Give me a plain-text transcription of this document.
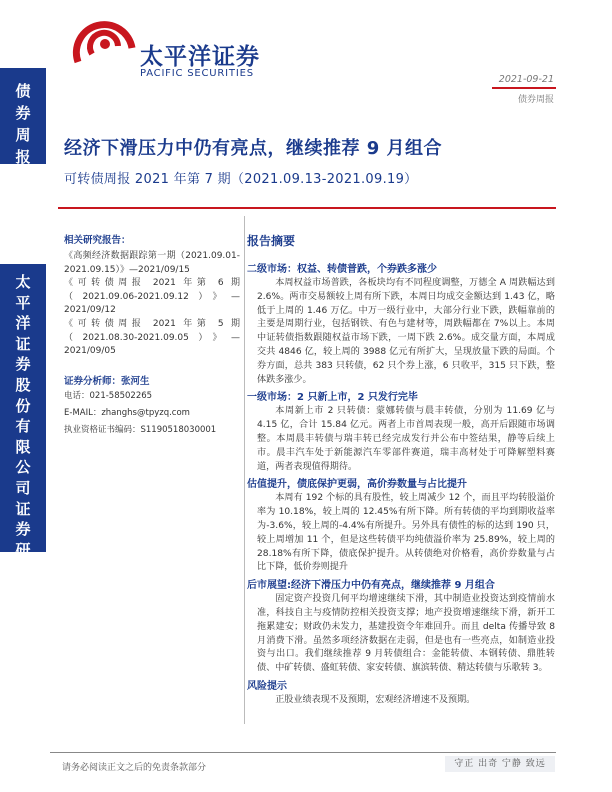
债
券
周
报
太
平
洋
证
券
股
份
有
限
公
司
证
券
研
究
报
告
太平洋证券
PACIFIC SECURITIES
2021-09-21
债券周报
经济下滑压力中仍有亮点，继续推荐 9 月组合
可转债周报 2021 年第 7 期（2021.09.13-2021.09.19）
相关研究报告：
《高频经济数据跟踪第一期（2021.09.01-2021.09.15）》—2021/09/15
《可转债周报 2021 年第 6 期（2021.09.06-2021.09.12）》—2021/09/12
《可转债周报 2021 年第 5 期（2021.08.30-2021.09.05）》—2021/09/05
证券分析师：张河生
电话：021-58502265
E-MAIL：zhanghs@tpyzq.com
执业资格证书编码：S1190518030001
报告摘要
二级市场：权益、转债普跌，个券跌多涨少
本周权益市场普跌，各板块均有不同程度调整，万德全 A 周跌幅达到 2.6%。两市交易额较上周有所下跌，本周日均成交金额达到 1.43 亿，略低于上周的 1.46 万亿。中万一级行业中，大部分行业下跌，跌幅靠前的主要是周期行业，包括钢铁、有色与建材等，周跌幅都在 7%以上。本周中证转债指数跟随权益市场下跌，一周下跌 2.6%。成交量方面，本周成交共 4846 亿，较上周的 3988 亿元有所扩大，呈现放量下跌的局面。个券方面，总共 383 只转债，62 只个券上涨，6 只收平，315 只下跌，整体跌多涨少。
一级市场：2 只新上市，2 只发行完毕
本周新上市 2 只转债：蒙娜转债与晨丰转债，分别为 11.69 亿与 4.15 亿，合计 15.84 亿元。两者上市首周表现一般，高开后跟随市场调整。本周晨丰转债与瑞丰转已经完成发行并公布中签结果，静等后续上市。晨丰汽车处于新能源汽车零部件赛道，瑞丰高材处于可降解塑料赛道，两者表现值得期待。
估值提升，债底保护更弱，高价券数量与占比提升
本周有 192 个标的具有股性，较上周减少 12 个，而且平均转股溢价率为 10.18%，较上周的 12.45%有所下降。所有转债的平均到期收益率为-3.6%，较上周的-4.4%有所提升。另外具有债性的标的达到 190 只，较上周增加 11 个，但是这些转债平均纯债溢价率为 25.89%，较上周的 28.18%有所下降，债底保护提升。从转债绝对价格看，高价券数量与占比下降，低价券则提升
后市展望:经济下滑压力中仍有亮点，继续推荐 9 月组合
固定资产投资几何平均增速继续下滑，其中制造业投资达到疫情前水准，科技自主与疫情防控相关投资支撑；地产投资增速继续下滑，新开工拖累建安；财政仍未发力，基建投资令年难回升。而且 delta 传播导致 8 月消费下滑。虽然多项经济数据在走弱，但是也有一些亮点，如制造业投资与出口。我们继续推荐 9 月转债组合：金能转债、本钢转债、鼎胜转债、中矿转债、盛虹转债、家安转债、旗滨转债、精达转债与乐歌转 3。
风险提示
正股业绩表现不及预期，宏观经济增速不及预期。
请务必阅读正文之后的免责条款部分	守正 出奇 宁静 致远
